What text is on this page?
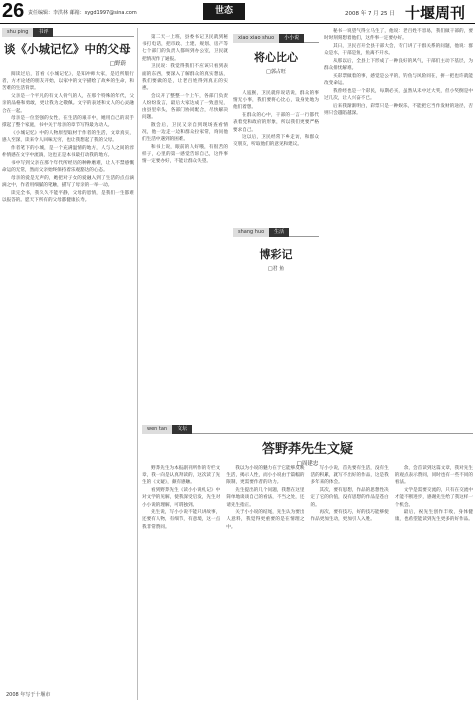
26 责任编辑：李洪林 邮箱：sygd1997@sina.com	世态	2008 年 7 月 25 日 十堰周刊
shu ping	书评
谈《小城记忆》中的父母
□野蔚

阅读过后，首看《小城记忆》，是知冲师大家，是近所版行者，方才论述的朋友开始，以家中的文字描绘了故乡的生命，和苦难的生活背景。

父亲是一个平凡的有文人骨气的人，在那个特殊的年代，父亲的品格和勇敢，更让我为之敬佩。文字的表述和文人的心灵融合在一起。

母亲是一位坚强的女性，在生活的艰辛中，她用自己的双手撑起了整个家庭，书中关于母亲的章节写得最为动人。

《小城记忆》中的人物原型取材于作者的生活，文章真实，感人至深，读来令人回味无穷，也让我想起了我的父母。

作者笔下的小城，是一个充满温情的地方，人与人之间的淳朴情感在文字中流淌，这也正是本书最打动我的地方。

书中写到父亲在那个年代所经历的种种磨难，让人不禁感慨命运的无常，然而父亲始终保持着乐观豁达的心态。

母亲的爱是无声的，她把对子女的爱融入到了生活的点点滴滴之中，作者用细腻的笔触，描写了母亲的一举一动。

读完全书，我久久不能平静，父母的恩情，是我们一生都难以报答的。愿天下所有的父母都健康长寿。

2008 年写于十堰市

第二天一上班，县委书记卫民就到秘书打电话，把市政、土建、规划、房产等七个部门的负责人都叫到办公室，卫民就把情况作了通报。

卫民说：我觉得我们不应该只看到表面的东西，要深入了解群众的真实想法，我们要做的是，让老百姓得到真正的实惠。

会议开了整整一个上午，各部门负责人纷纷发言，最后大家达成了一致意见，由县里牵头，各部门协同配合，尽快解决问题。

散会后，卫民又亲自到现场查看情况，他一边走一边和群众拉家常，询问他们生活中遇到的困难。

和书上说，眼前的人好哦，有很苦的样子，心里的第一感觉告诉自己，这件事情一定要办好，不能让群众失望。

xiao xiao shuo	小小说
将心比心
□郭占旺

人寇猴，卫民就你说话说，群众的事情无小事，我们要将心比心，设身处地为他们着想。

在群众的心中，干部的一言一行都代表着党和政府的形象，所以我们更要严格要求自己。

这以后，卫民经常下乡走访，和群众交朋友，听取他们的意见和建议。

shang huo	生活
博彩记
□君 鱼

秘书一说望气得立马生了，他说：老百姓不容易，我们做干部的，要时时刻刻想着他们，这件事一定要办好。

其日，卫民召开全县干部大会，专门讲了干群关系的问题，他说：群众是水，干部是鱼，鱼离不开水。

从那以后，全县上下形成了一种良好的风气，干部们主动下基层，为群众排忧解难。

买彩票做着的事，感觉是公平的，钓鱼与风险同在，拼一把也许就能改变命运。

我曾经也是一个彩民，每期必买，虽然从未中过大奖，但小奖倒是中过几次，让人兴奋不已。

后来我渐渐明白，彩票只是一种娱乐，不能把它当作发财的途径，否则只会越陷越深。

wen tan	文坛
答野莽先生文疑
□周建忠

野莽先生为本报副刊所作的专栏文章，我一向是认真拜读的，这次读了先生的《文疑》，颇有感触。

看到野莽先生《读小小说札记》中对文学的见解，使我深受启发，先生对小小说的理解，可谓独到。

先生说，写小小说不能只讲故事，还要有人物，有细节，有意境，这一点我非常赞同。

我以为小说的魅力在于它能够反映生活，揭示人性，而小小说由于篇幅的限制，更需要作者的功力。

先生提出的几个问题，我想在这里简单地谈谈自己的看法，不当之处，还请先生指正。

关于小小说的结尾，先生认为要出人意料，我觉得更重要的是在情理之中。

写小小说，首先要有生活，没有生活的积累，就写不出好的作品，这是我多年来的体会。

其次，要有思想，作品的思想性决定了它的价值，没有思想的作品是苍白的。

再次，要有技巧，好的技巧能够使作品更加生动，更加引人入胜。

余，会首读到这篇文章，我对先生的观点表示赞同，同时也有一些不同的看法。

文学是需要交流的，只有在交流中才能不断进步，感谢先生给了我这样一个机会。

最后，祝先生创作丰收，身体健康，也希望能读到先生更多的好作品。
